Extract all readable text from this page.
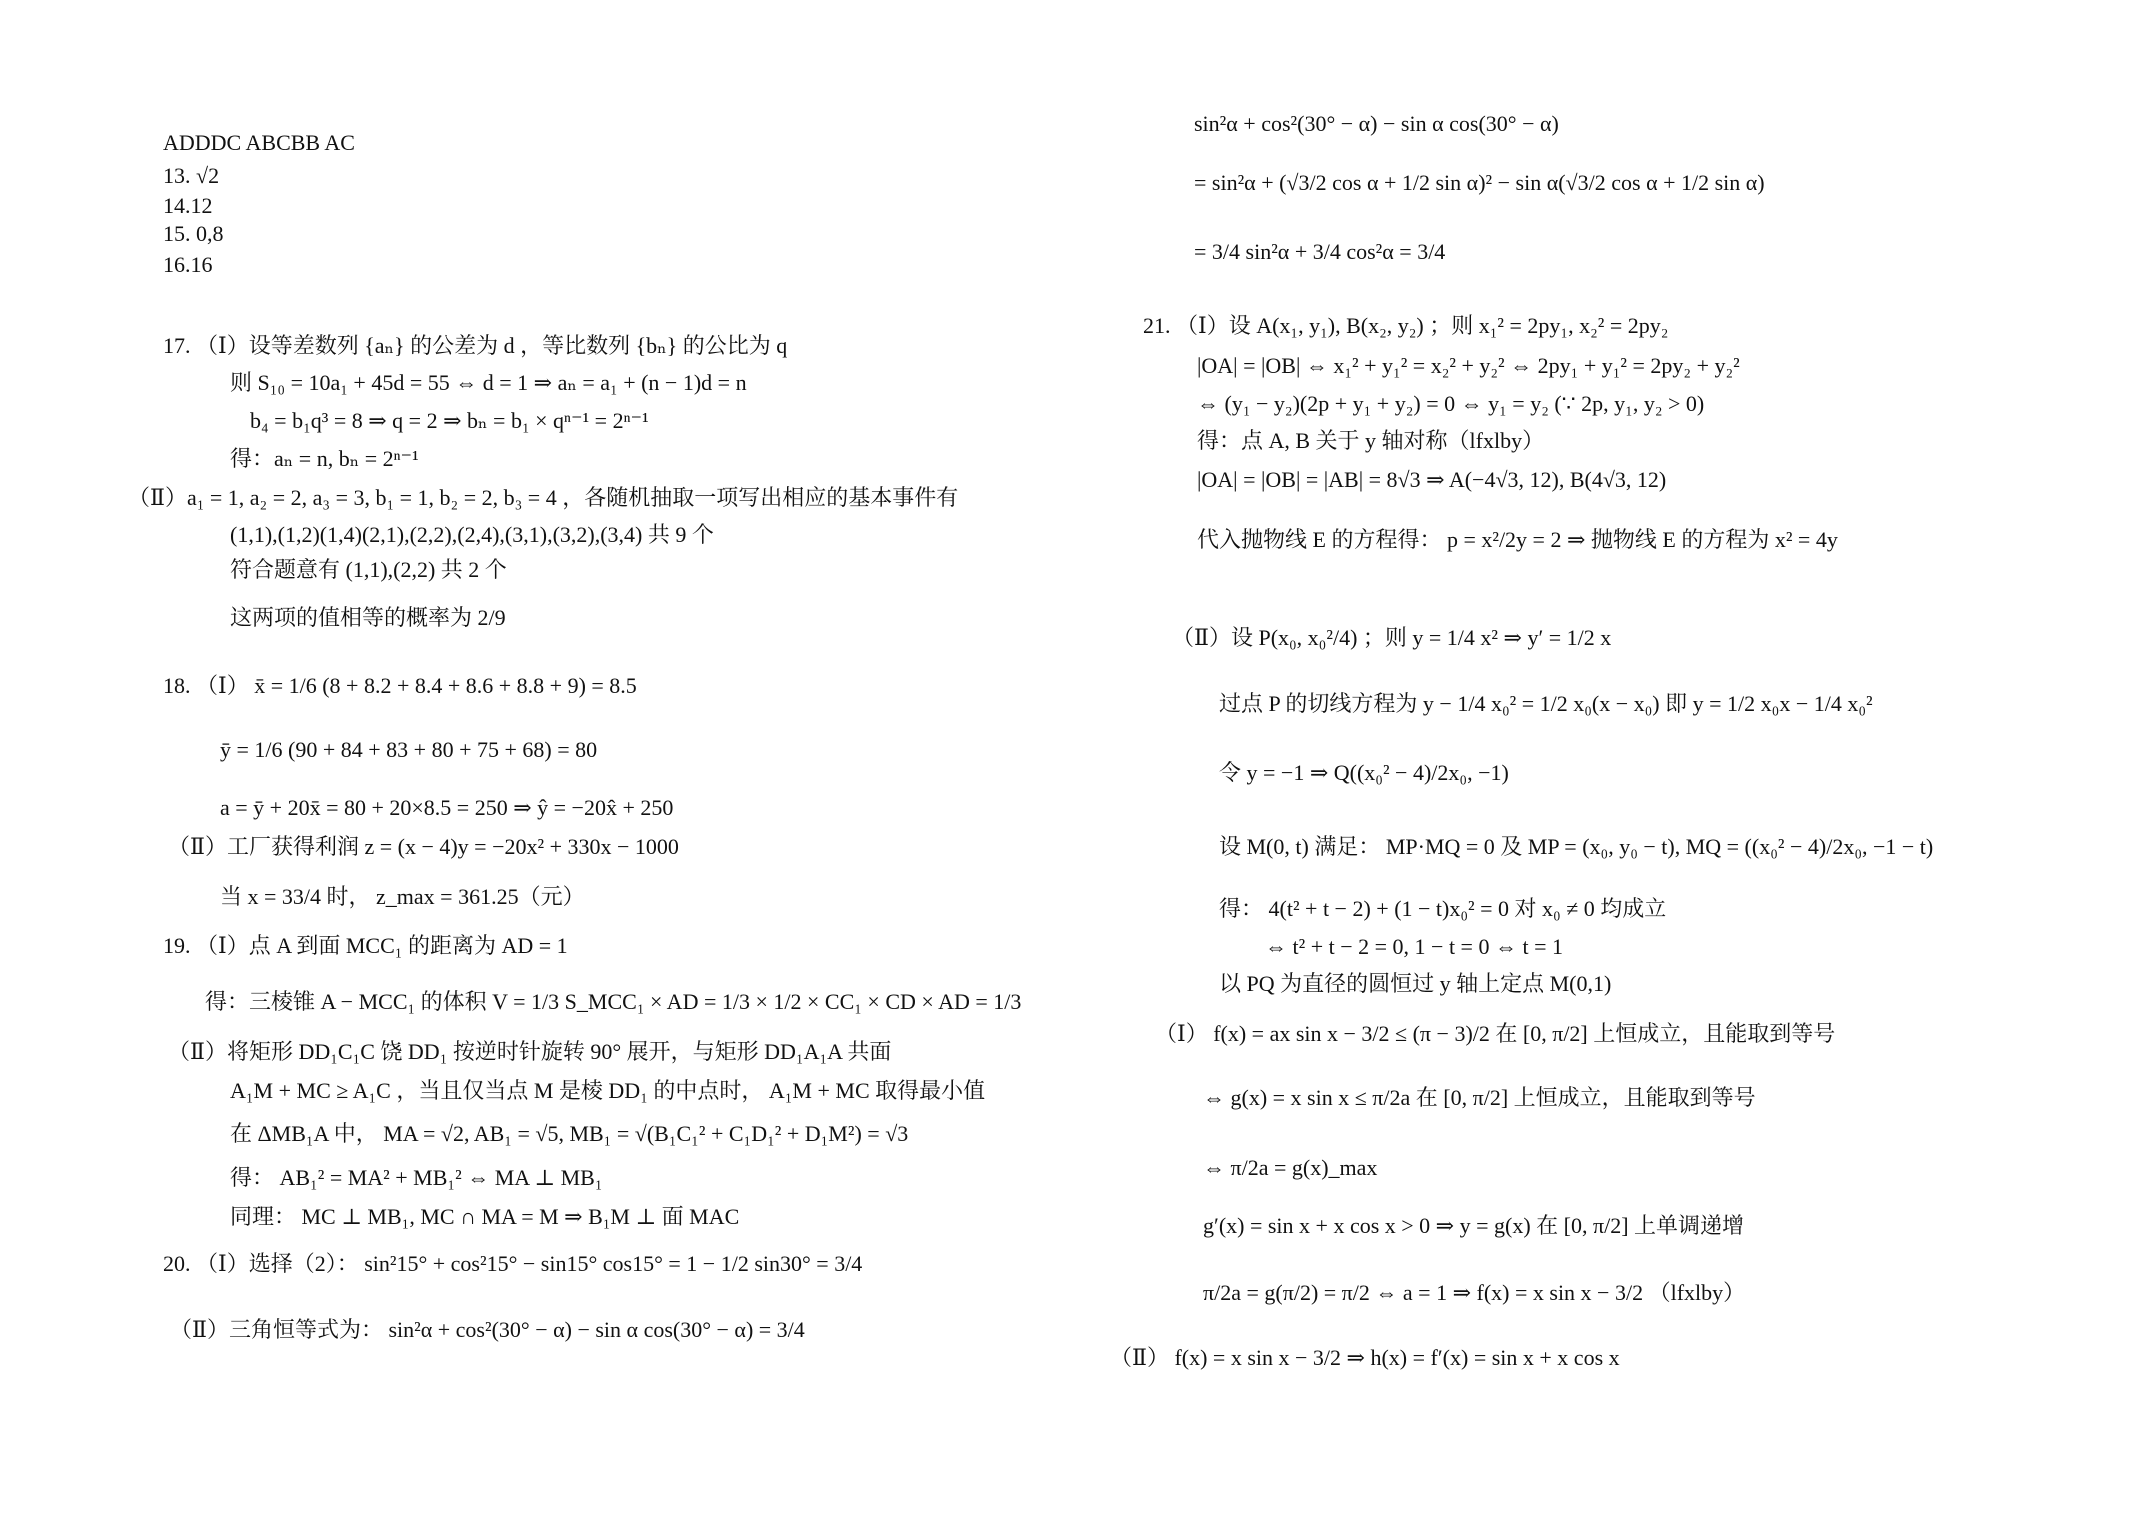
ADDDC ABCBB AC
13. √2
14.12
15. 0,8
16.16
17. （Ⅰ）设等差数列 {aₙ} 的公差为 d ，等比数列 {bₙ} 的公比为 q
则 S₁₀ = 10a₁ + 45d = 55 ⇔ d = 1 ⇒ aₙ = a₁ + (n − 1)d = n
b₄ = b₁q³ = 8 ⇒ q = 2 ⇒ bₙ = b₁ × qⁿ⁻¹ = 2ⁿ⁻¹
得：aₙ = n, bₙ = 2ⁿ⁻¹
（Ⅱ）a₁ = 1, a₂ = 2, a₃ = 3, b₁ = 1, b₂ = 2, b₃ = 4 ，各随机抽取一项写出相应的基本事件有
(1,1),(1,2)(1,4)(2,1),(2,2),(2,4),(3,1),(3,2),(3,4) 共 9 个
符合题意有 (1,1),(2,2) 共 2 个
这两项的值相等的概率为 2/9
18. （Ⅰ） x̄ = 1/6 (8 + 8.2 + 8.4 + 8.6 + 8.8 + 9) = 8.5
ȳ = 1/6 (90 + 84 + 83 + 80 + 75 + 68) = 80
a = ȳ + 20x̄ = 80 + 20×8.5 = 250 ⇒ ŷ = −20x̂ + 250
（Ⅱ）工厂获得利润 z = (x − 4)y = −20x² + 330x − 1000
当 x = 33/4 时， z_max = 361.25（元）
19. （Ⅰ）点 A 到面 MCC₁ 的距离为 AD = 1
得：三棱锥 A − MCC₁ 的体积 V = 1/3 S_MCC₁ × AD = 1/3 × 1/2 × CC₁ × CD × AD = 1/3
（Ⅱ）将矩形 DD₁C₁C 饶 DD₁ 按逆时针旋转 90° 展开，与矩形 DD₁A₁A 共面
A₁M + MC ≥ A₁C ，当且仅当点 M 是棱 DD₁ 的中点时， A₁M + MC 取得最小值
在 ΔMB₁A 中， MA = √2, AB₁ = √5, MB₁ = √(B₁C₁² + C₁D₁² + D₁M²) = √3
得： AB₁² = MA² + MB₁² ⇔ MA ⊥ MB₁
同理： MC ⊥ MB₁, MC ∩ MA = M ⇒ B₁M ⊥ 面 MAC
20. （Ⅰ）选择（2）： sin²15° + cos²15° − sin15° cos15° = 1 − 1/2 sin30° = 3/4
（Ⅱ）三角恒等式为： sin²α + cos²(30° − α) − sin α cos(30° − α) = 3/4
sin²α + cos²(30° − α) − sin α cos(30° − α)
= sin²α + (√3/2 cos α + 1/2 sin α)² − sin α(√3/2 cos α + 1/2 sin α)
= 3/4 sin²α + 3/4 cos²α = 3/4
21. （Ⅰ）设 A(x₁, y₁), B(x₂, y₂) ；则 x₁² = 2py₁, x₂² = 2py₂
|OA| = |OB| ⇔ x₁² + y₁² = x₂² + y₂² ⇔ 2py₁ + y₁² = 2py₂ + y₂²
⇔ (y₁ − y₂)(2p + y₁ + y₂) = 0 ⇔ y₁ = y₂ (∵ 2p, y₁, y₂ > 0)
得：点 A, B 关于 y 轴对称（lfxlby）
|OA| = |OB| = |AB| = 8√3 ⇒ A(−4√3, 12), B(4√3, 12)
代入抛物线 E 的方程得： p = x²/2y = 2 ⇒ 抛物线 E 的方程为 x² = 4y
（Ⅱ）设 P(x₀, x₀²/4) ；则 y = 1/4 x² ⇒ y′ = 1/2 x
过点 P 的切线方程为 y − 1/4 x₀² = 1/2 x₀(x − x₀) 即 y = 1/2 x₀x − 1/4 x₀²
令 y = −1 ⇒ Q((x₀² − 4)/2x₀, −1)
设 M(0, t) 满足： MP·MQ = 0 及 MP = (x₀, y₀ − t), MQ = ((x₀² − 4)/2x₀, −1 − t)
得： 4(t² + t − 2) + (1 − t)x₀² = 0 对 x₀ ≠ 0 均成立
⇔ t² + t − 2 = 0, 1 − t = 0 ⇔ t = 1
以 PQ 为直径的圆恒过 y 轴上定点 M(0,1)
（Ⅰ） f(x) = ax sin x − 3/2 ≤ (π − 3)/2 在 [0, π/2] 上恒成立，且能取到等号
⇔ g(x) = x sin x ≤ π/2a 在 [0, π/2] 上恒成立，且能取到等号
⇔ π/2a = g(x)_max
g′(x) = sin x + x cos x > 0 ⇒ y = g(x) 在 [0, π/2] 上单调递增
π/2a = g(π/2) = π/2 ⇔ a = 1 ⇒ f(x) = x sin x − 3/2 （lfxlby）
（Ⅱ） f(x) = x sin x − 3/2 ⇒ h(x) = f′(x) = sin x + x cos x
